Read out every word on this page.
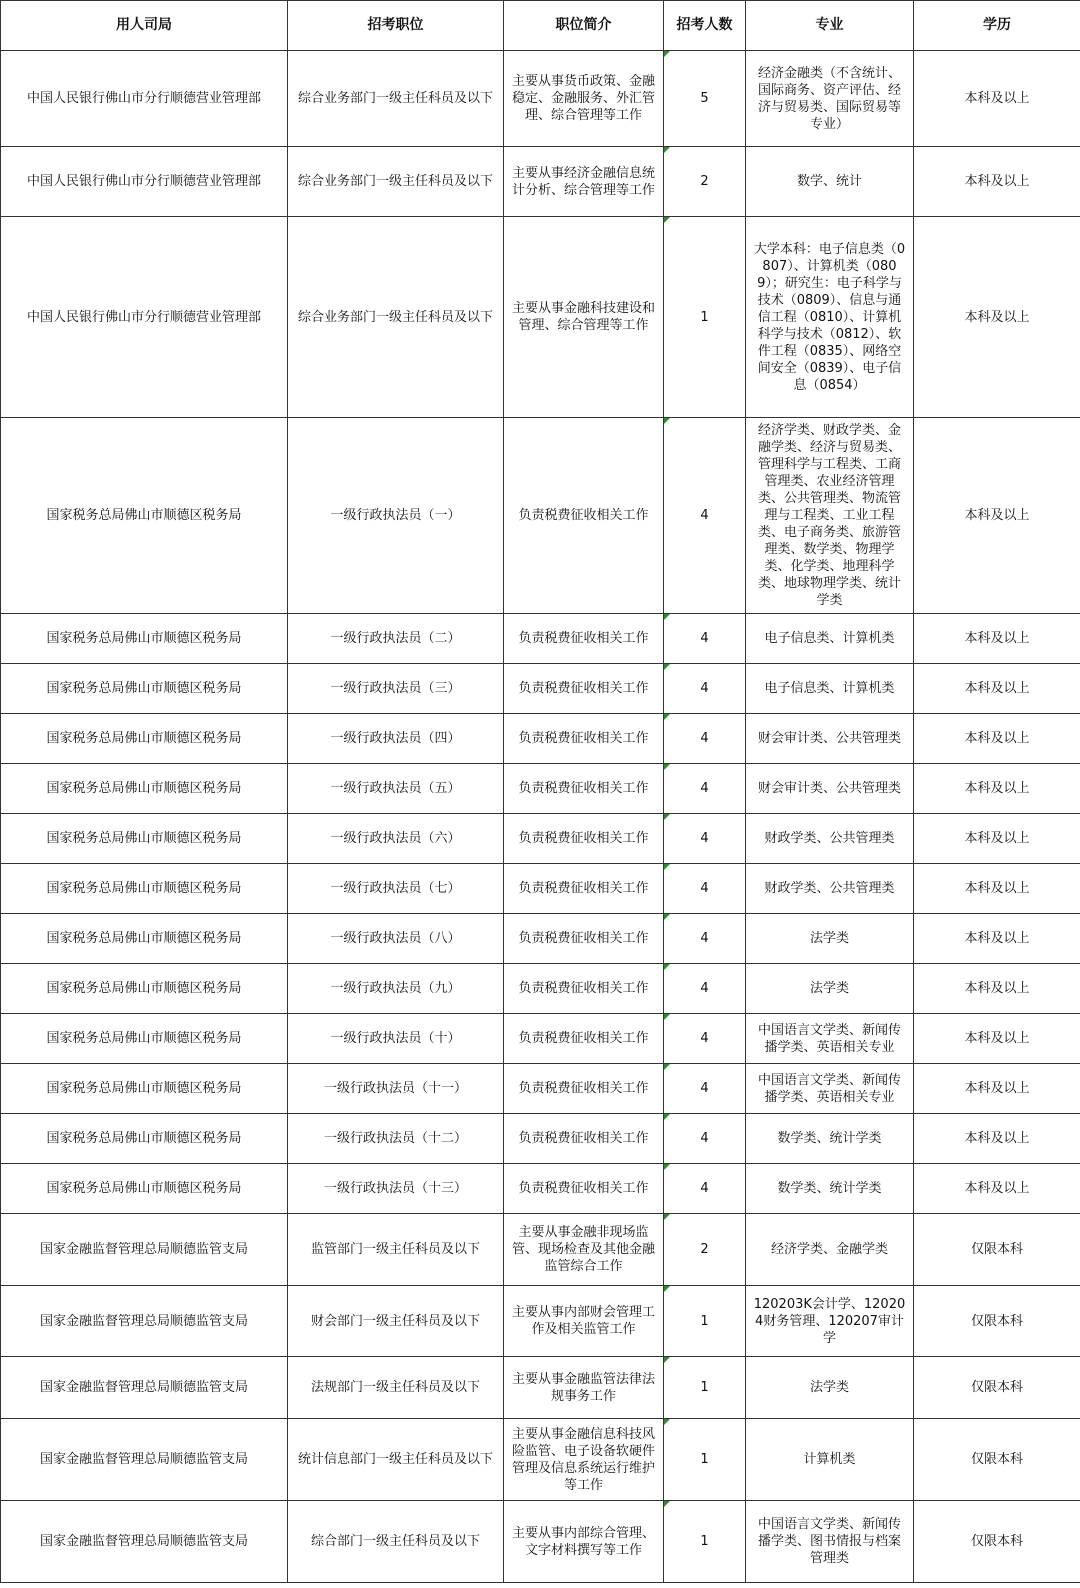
用人司局	招考职位	职位简介	招考人数	专业	学历
中国人民银行佛山市分行顺德营业管理部	综合业务部门一级主任科员及以下	主要从事货币政策、金融稳定、金融服务、外汇管理、综合管理等工作	5	经济金融类（不含统计、国际商务、资产评估、经济与贸易类、国际贸易等专业）	本科及以上
中国人民银行佛山市分行顺德营业管理部	综合业务部门一级主任科员及以下	主要从事经济金融信息统计分析、综合管理等工作	2	数学、统计	本科及以上
中国人民银行佛山市分行顺德营业管理部	综合业务部门一级主任科员及以下	主要从事金融科技建设和管理、综合管理等工作	1	大学本科：电子信息类（0807）、计算机类（0809）；研究生：电子科学与技术（0809）、信息与通信工程（0810）、计算机科学与技术（0812）、软件工程（0835）、网络空间安全（0839）、电子信息（0854）	本科及以上
国家税务总局佛山市顺德区税务局	一级行政执法员（一）	负责税费征收相关工作	4	经济学类、财政学类、金融学类、经济与贸易类、管理科学与工程类、工商管理类、农业经济管理类、公共管理类、物流管理与工程类、工业工程类、电子商务类、旅游管理类、数学类、物理学类、化学类、地理科学类、地球物理学类、统计学类	本科及以上
国家税务总局佛山市顺德区税务局	一级行政执法员（二）	负责税费征收相关工作	4	电子信息类、计算机类	本科及以上
国家税务总局佛山市顺德区税务局	一级行政执法员（三）	负责税费征收相关工作	4	电子信息类、计算机类	本科及以上
国家税务总局佛山市顺德区税务局	一级行政执法员（四）	负责税费征收相关工作	4	财会审计类、公共管理类	本科及以上
国家税务总局佛山市顺德区税务局	一级行政执法员（五）	负责税费征收相关工作	4	财会审计类、公共管理类	本科及以上
国家税务总局佛山市顺德区税务局	一级行政执法员（六）	负责税费征收相关工作	4	财政学类、公共管理类	本科及以上
国家税务总局佛山市顺德区税务局	一级行政执法员（七）	负责税费征收相关工作	4	财政学类、公共管理类	本科及以上
国家税务总局佛山市顺德区税务局	一级行政执法员（八）	负责税费征收相关工作	4	法学类	本科及以上
国家税务总局佛山市顺德区税务局	一级行政执法员（九）	负责税费征收相关工作	4	法学类	本科及以上
国家税务总局佛山市顺德区税务局	一级行政执法员（十）	负责税费征收相关工作	4	中国语言文学类、新闻传播学类、英语相关专业	本科及以上
国家税务总局佛山市顺德区税务局	一级行政执法员（十一）	负责税费征收相关工作	4	中国语言文学类、新闻传播学类、英语相关专业	本科及以上
国家税务总局佛山市顺德区税务局	一级行政执法员（十二）	负责税费征收相关工作	4	数学类、统计学类	本科及以上
国家税务总局佛山市顺德区税务局	一级行政执法员（十三）	负责税费征收相关工作	4	数学类、统计学类	本科及以上
国家金融监督管理总局顺德监管支局	监管部门一级主任科员及以下	主要从事金融非现场监管、现场检查及其他金融监管综合工作	2	经济学类、金融学类	仅限本科
国家金融监督管理总局顺德监管支局	财会部门一级主任科员及以下	主要从事内部财会管理工作及相关监管工作	1	120203K会计学、120204财务管理、120207审计学	仅限本科
国家金融监督管理总局顺德监管支局	法规部门一级主任科员及以下	主要从事金融监管法律法规事务工作	1	法学类	仅限本科
国家金融监督管理总局顺德监管支局	统计信息部门一级主任科员及以下	主要从事金融信息科技风险监管、电子设备软硬件管理及信息系统运行维护等工作	1	计算机类	仅限本科
国家金融监督管理总局顺德监管支局	综合部门一级主任科员及以下	主要从事内部综合管理、文字材料撰写等工作	1	中国语言文学类、新闻传播学类、图书情报与档案管理类	仅限本科
